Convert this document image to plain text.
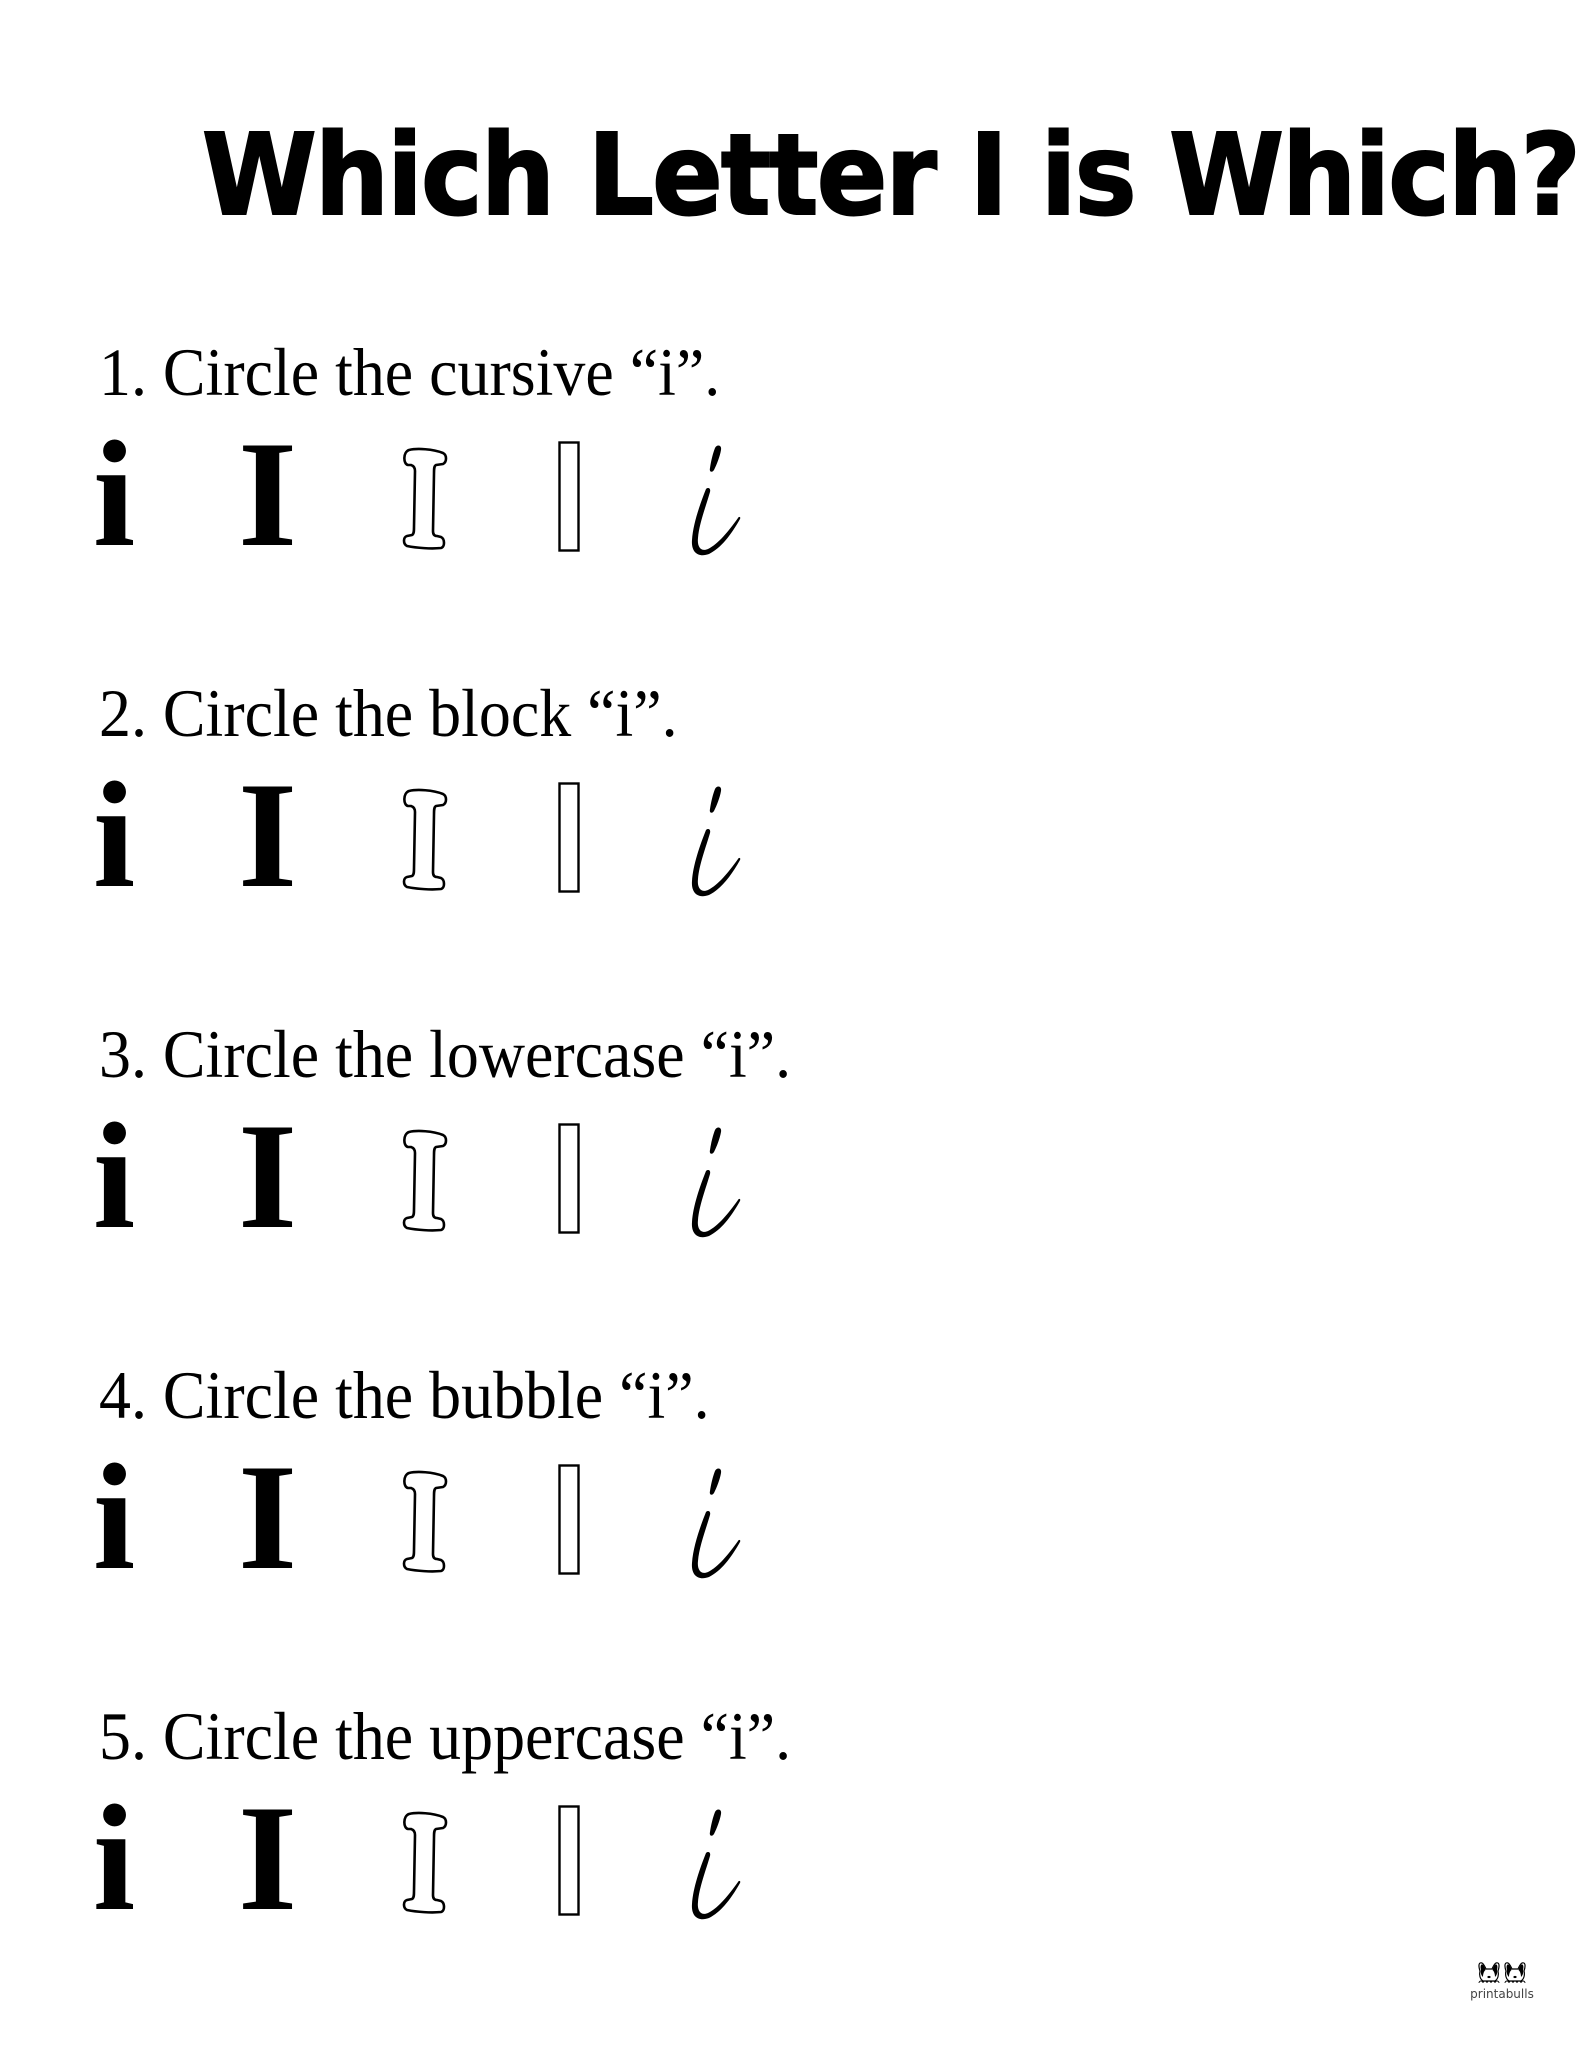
Which Letter I is Which?
1. Circle the cursive “i”.
i I
2. Circle the block “i”.
i I
3. Circle the lowercase “i”.
i I
4. Circle the bubble “i”.
i I
5. Circle the uppercase “i”.
i I
printabulls
